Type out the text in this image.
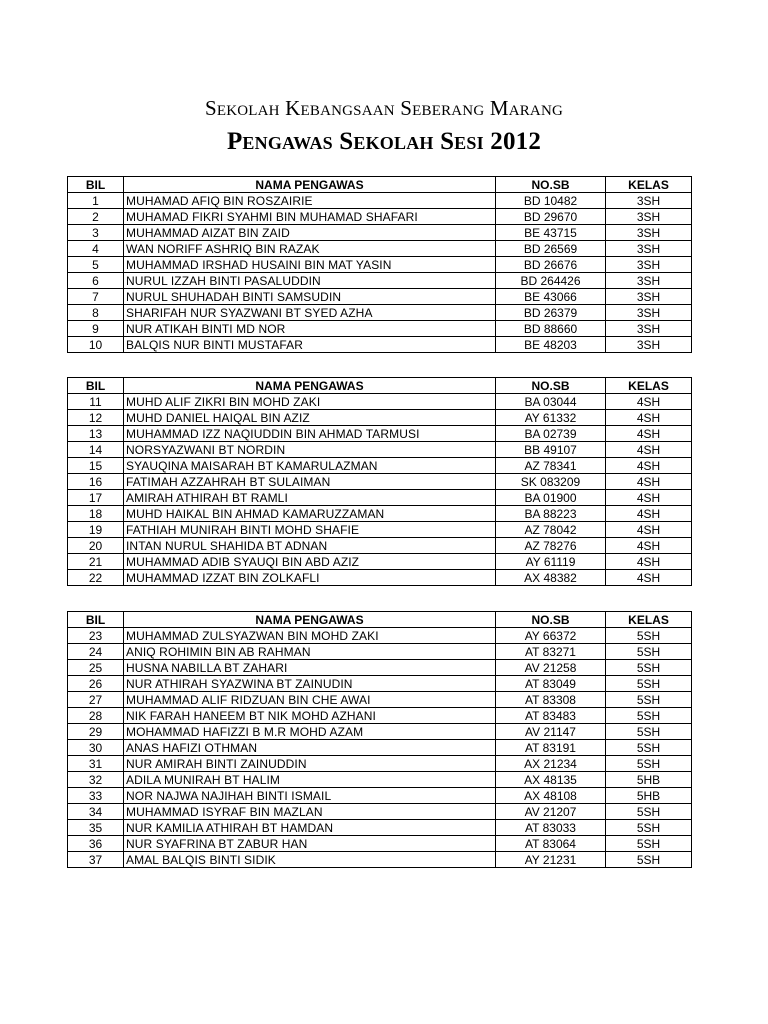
Sekolah Kebangsaan Seberang Marang
Pengawas Sekolah Sesi 2012
BIL	NAMA PENGAWAS	NO.SB	KELAS
1	MUHAMAD AFIQ BIN ROSZAIRIE	BD 10482	3SH
2	MUHAMAD FIKRI SYAHMI BIN MUHAMAD SHAFARI	BD 29670	3SH
3	MUHAMMAD AIZAT BIN ZAID	BE 43715	3SH
4	WAN NORIFF ASHRIQ BIN RAZAK	BD 26569	3SH
5	MUHAMMAD IRSHAD HUSAINI BIN MAT YASIN	BD 26676	3SH
6	NURUL IZZAH BINTI PASALUDDIN	BD 264426	3SH
7	NURUL SHUHADAH BINTI SAMSUDIN	BE 43066	3SH
8	SHARIFAH NUR SYAZWANI BT SYED AZHA	BD 26379	3SH
9	NUR ATIKAH BINTI MD NOR	BD 88660	3SH
10	BALQIS NUR BINTI MUSTAFAR	BE 48203	3SH
BIL	NAMA PENGAWAS	NO.SB	KELAS
11	MUHD ALIF ZIKRI BIN MOHD ZAKI	BA 03044	4SH
12	MUHD DANIEL HAIQAL BIN AZIZ	AY 61332	4SH
13	MUHAMMAD IZZ NAQIUDDIN BIN AHMAD TARMUSI	BA 02739	4SH
14	NORSYAZWANI BT NORDIN	BB 49107	4SH
15	SYAUQINA MAISARAH BT KAMARULAZMAN	AZ 78341	4SH
16	FATIMAH AZZAHRAH BT SULAIMAN	SK 083209	4SH
17	AMIRAH ATHIRAH BT RAMLI	BA 01900	4SH
18	MUHD HAIKAL BIN AHMAD KAMARUZZAMAN	BA 88223	4SH
19	FATHIAH MUNIRAH BINTI MOHD SHAFIE	AZ 78042	4SH
20	INTAN NURUL SHAHIDA BT ADNAN	AZ 78276	4SH
21	MUHAMMAD ADIB SYAUQI BIN ABD AZIZ	AY 61119	4SH
22	MUHAMMAD IZZAT BIN ZOLKAFLI	AX 48382	4SH
BIL	NAMA PENGAWAS	NO.SB	KELAS
23	MUHAMMAD ZULSYAZWAN BIN MOHD ZAKI	AY 66372	5SH
24	ANIQ ROHIMIN BIN AB RAHMAN	AT 83271	5SH
25	HUSNA NABILLA BT ZAHARI	AV 21258	5SH
26	NUR ATHIRAH SYAZWINA BT ZAINUDIN	AT 83049	5SH
27	MUHAMMAD ALIF RIDZUAN BIN CHE AWAI	AT 83308	5SH
28	NIK FARAH HANEEM BT NIK MOHD AZHANI	AT 83483	5SH
29	MOHAMMAD HAFIZZI B M.R MOHD AZAM	AV 21147	5SH
30	ANAS HAFIZI OTHMAN	AT 83191	5SH
31	NUR AMIRAH BINTI ZAINUDDIN	AX 21234	5SH
32	ADILA MUNIRAH BT HALIM	AX 48135	5HB
33	NOR NAJWA NAJIHAH BINTI ISMAIL	AX 48108	5HB
34	MUHAMMAD ISYRAF BIN MAZLAN	AV 21207	5SH
35	NUR KAMILIA ATHIRAH BT HAMDAN	AT 83033	5SH
36	NUR SYAFRINA BT ZABUR HAN	AT 83064	5SH
37	AMAL BALQIS BINTI SIDIK	AY 21231	5SH
